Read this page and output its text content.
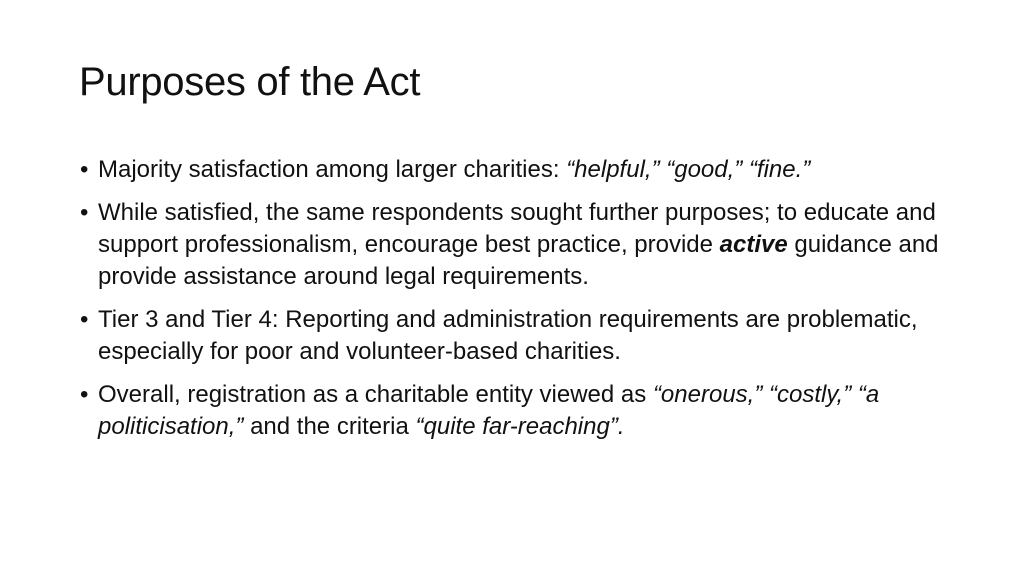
Purposes of the Act
• Majority satisfaction among larger charities: “helpful,” “good,” “fine.”
• While satisfied, the same respondents sought further purposes; to educate and support professionalism, encourage best practice, provide active guidance and provide assistance around legal requirements.
• Tier 3 and Tier 4: Reporting and administration requirements are problematic, especially for poor and volunteer-based charities.
• Overall, registration as a charitable entity viewed as “onerous,” “costly,” “a politicisation,” and the criteria “quite far-reaching”.
